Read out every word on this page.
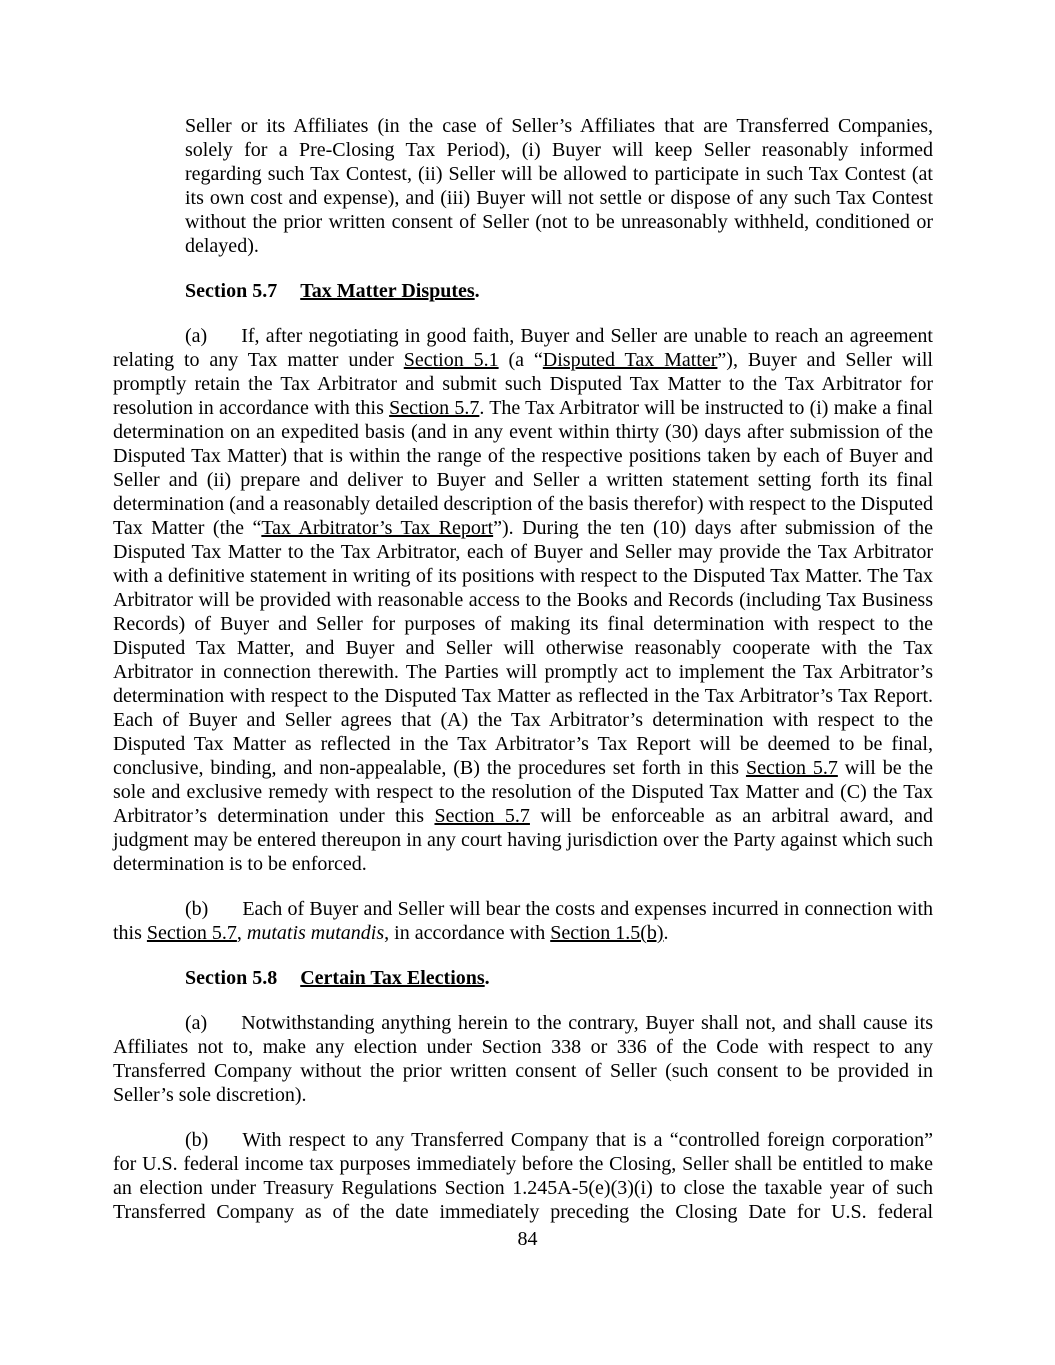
Seller or its Affiliates (in the case of Seller’s Affiliates that are Transferred Companies, solely for a Pre-Closing Tax Period), (i) Buyer will keep Seller reasonably informed regarding such Tax Contest, (ii) Seller will be allowed to participate in such Tax Contest (at its own cost and expense), and (iii) Buyer will not settle or dispose of any such Tax Contest without the prior written consent of Seller (not to be unreasonably withheld, conditioned or delayed).

Section 5.7 Tax Matter Disputes.

(a) If, after negotiating in good faith, Buyer and Seller are unable to reach an agreement relating to any Tax matter under Section 5.1 (a “Disputed Tax Matter”), Buyer and Seller will promptly retain the Tax Arbitrator and submit such Disputed Tax Matter to the Tax Arbitrator for resolution in accordance with this Section 5.7. The Tax Arbitrator will be instructed to (i) make a final determination on an expedited basis (and in any event within thirty (30) days after submission of the Disputed Tax Matter) that is within the range of the respective positions taken by each of Buyer and Seller and (ii) prepare and deliver to Buyer and Seller a written statement setting forth its final determination (and a reasonably detailed description of the basis therefor) with respect to the Disputed Tax Matter (the “Tax Arbitrator’s Tax Report”). During the ten (10) days after submission of the Disputed Tax Matter to the Tax Arbitrator, each of Buyer and Seller may provide the Tax Arbitrator with a definitive statement in writing of its positions with respect to the Disputed Tax Matter. The Tax Arbitrator will be provided with reasonable access to the Books and Records (including Tax Business Records) of Buyer and Seller for purposes of making its final determination with respect to the Disputed Tax Matter, and Buyer and Seller will otherwise reasonably cooperate with the Tax Arbitrator in connection therewith. The Parties will promptly act to implement the Tax Arbitrator’s determination with respect to the Disputed Tax Matter as reflected in the Tax Arbitrator’s Tax Report. Each of Buyer and Seller agrees that (A) the Tax Arbitrator’s determination with respect to the Disputed Tax Matter as reflected in the Tax Arbitrator’s Tax Report will be deemed to be final, conclusive, binding, and non-appealable, (B) the procedures set forth in this Section 5.7 will be the sole and exclusive remedy with respect to the resolution of the Disputed Tax Matter and (C) the Tax Arbitrator’s determination under this Section 5.7 will be enforceable as an arbitral award, and judgment may be entered thereupon in any court having jurisdiction over the Party against which such determination is to be enforced.

(b) Each of Buyer and Seller will bear the costs and expenses incurred in connection with this Section 5.7, mutatis mutandis, in accordance with Section 1.5(b).

Section 5.8 Certain Tax Elections.

(a) Notwithstanding anything herein to the contrary, Buyer shall not, and shall cause its Affiliates not to, make any election under Section 338 or 336 of the Code with respect to any Transferred Company without the prior written consent of Seller (such consent to be provided in Seller’s sole discretion).

(b) With respect to any Transferred Company that is a “controlled foreign corporation” for U.S. federal income tax purposes immediately before the Closing, Seller shall be entitled to make an election under Treasury Regulations Section 1.245A-5(e)(3)(i) to close the taxable year of such Transferred Company as of the date immediately preceding the Closing Date for U.S. federal

84
